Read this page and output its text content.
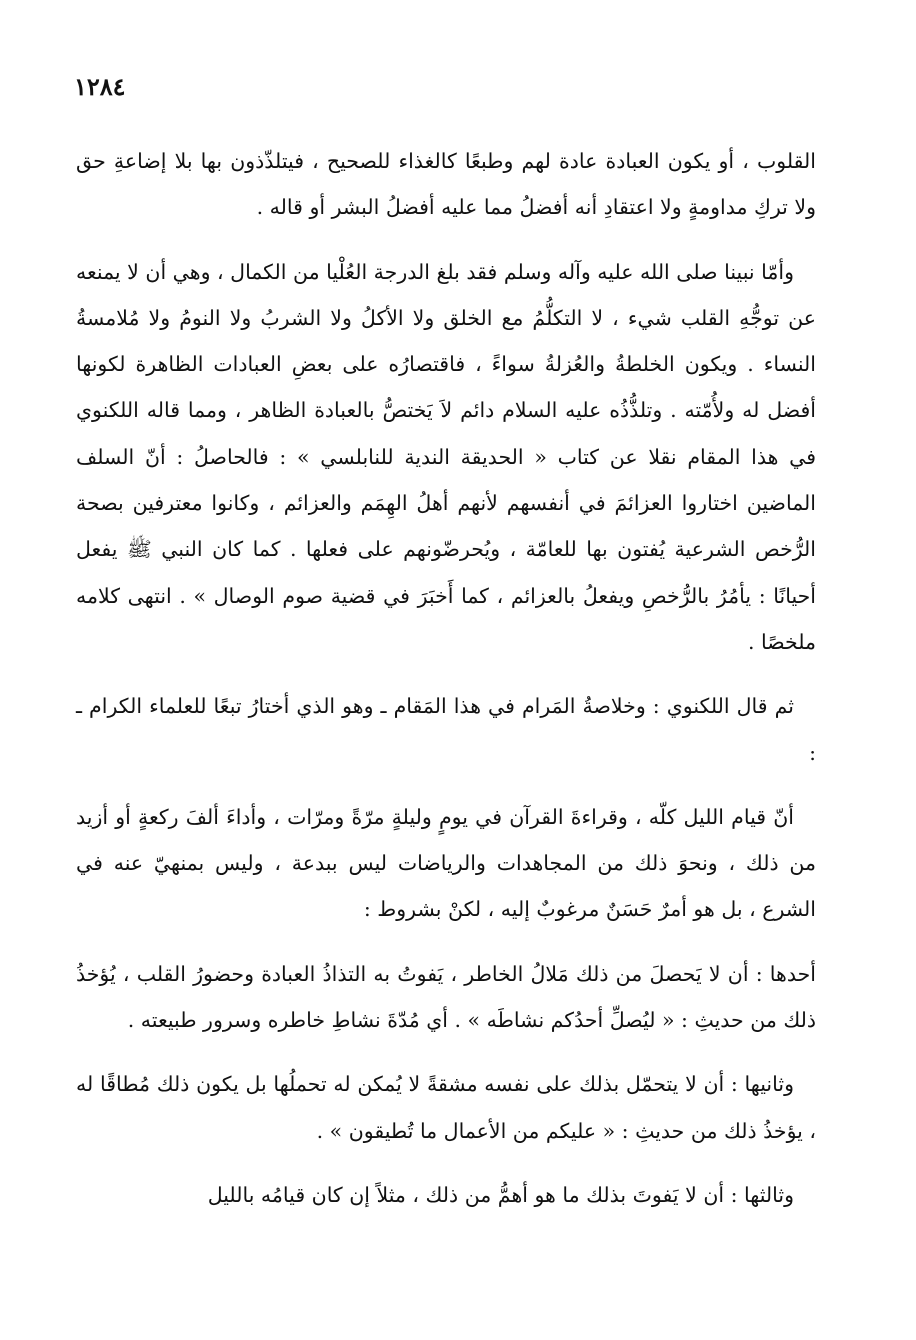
١٢٨٤

القلوب ، أو يكون العبادة عادة لهم وطبعًا كالغذاء للصحيح ، فيتلذّذون بها بلا إضاعةِ حق ولا تركِ مداومةٍ ولا اعتقادِ أنه أفضلُ مما عليه أفضلُ البشر أو قاله .

وأمّا نبينا صلى الله عليه وآله وسلم فقد بلغ الدرجة العُلْيا من الكمال ، وهي أن لا يمنعه عن توجُّهِ القلب شيء ، لا التكلُّمُ مع الخلق ولا الأكلُ ولا الشربُ ولا النومُ ولا مُلامسةُ النساء . ويكون الخلطةُ والعُزلةُ سواءً ، فاقتصارُه على بعضِ العبادات الظاهرة لكونها أفضل له ولأُمّته . وتلذُّذُه عليه السلام دائم لاَ يَختصُّ بالعبادة الظاهر ، ومما قاله اللكنوي في هذا المقام نقلا عن كتاب « الحديقة الندية للنابلسي » : فالحاصلُ : أنّ السلف الماضين اختاروا العزائمَ في أنفسهم لأنهم أهلُ الهِمَم والعزائم ، وكانوا معترفين بصحة الرُّخص الشرعية يُفتون بها للعامّة ، ويُحرضّونهم على فعلها . كما كان النبي ﷺ يفعل أحيانًا : يأمُرُ بالرُّخصِ ويفعلُ بالعزائم ، كما أَخبَرَ في قضية صوم الوصال » . انتهى كلامه ملخصًا .

ثم قال اللكنوي : وخلاصةُ المَرام في هذا المَقام ـ وهو الذي أختارُ تبعًا للعلماء الكرام ـ :

أنّ قيام الليل كلّه ، وقراءةَ القرآن في يومٍ وليلةٍ مرّةً ومرّات ، وأداءَ ألفَ ركعةٍ أو أزيد من ذلك ، ونحوَ ذلك من المجاهدات والرياضات ليس ببدعة ، وليس بمنهيّ عنه في الشرع ، بل هو أمرٌ حَسَنٌ مرغوبٌ إليه ، لكنْ بشروط :

أحدها : أن لا يَحصلَ من ذلك مَلالُ الخاطر ، يَفوتُ به التذاذُ العبادة وحضورُ القلب ، يُؤخذُ ذلك من حديثِ : « ليُصلِّ أحدُكم نشاطَه » . أي مُدّةَ نشاطِ خاطره وسرور طبيعته .

وثانيها : أن لا يتحمّل بذلك على نفسه مشقةً لا يُمكن له تحملُها بل يكون ذلك مُطاقًا له ، يؤخذُ ذلك من حديثِ : « عليكم من الأعمال ما تُطيقون » .

وثالثها : أن لا يَفوتَ بذلك ما هو أهمُّ من ذلك ، مثلاً إن كان قيامُه بالليل
